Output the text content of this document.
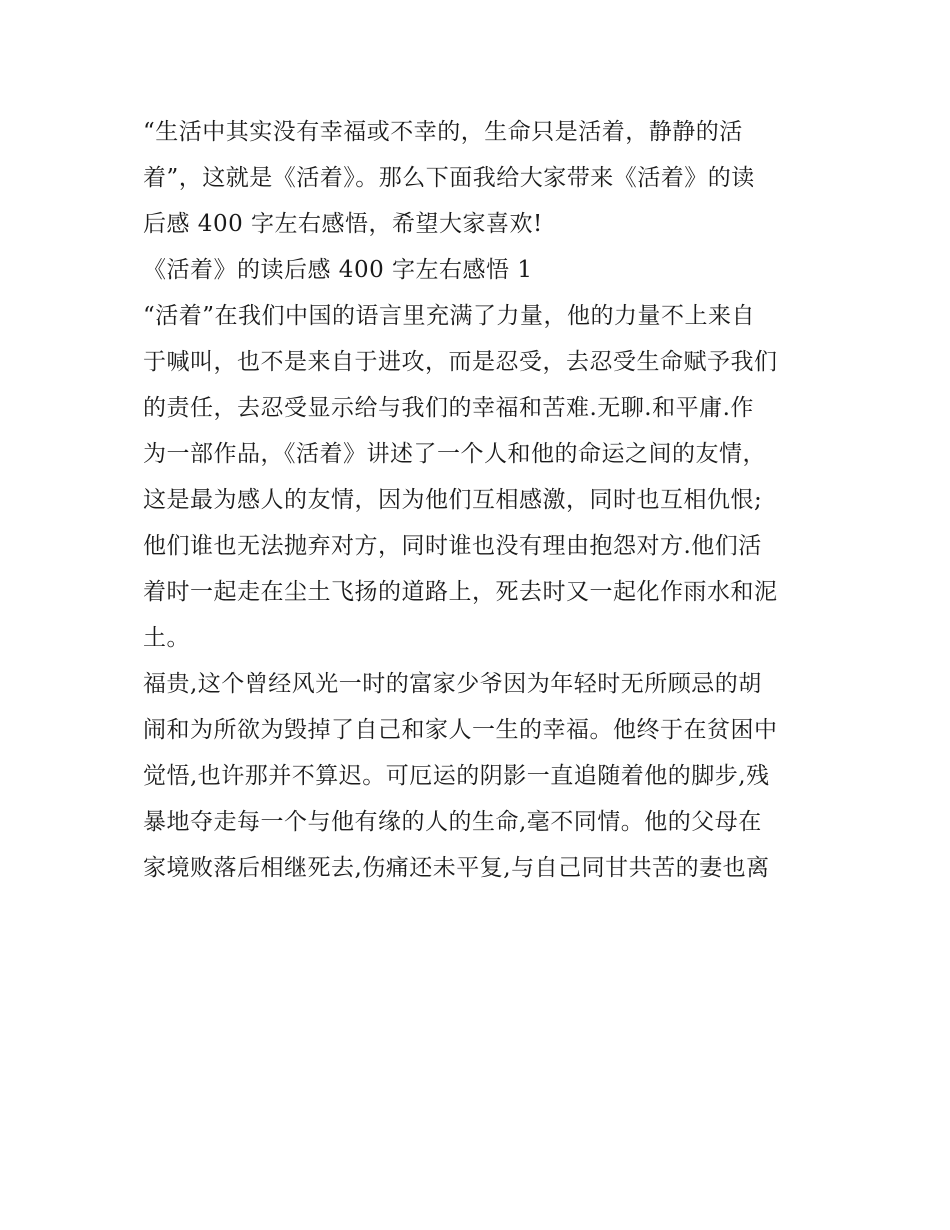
“生活中其实没有幸福或不幸的，生命只是活着，静静的活
着”，这就是《活着》。那么下面我给大家带来《活着》的读
后感 400 字左右感悟，希望大家喜欢!
《活着》的读后感 400 字左右感悟 1
“活着”在我们中国的语言里充满了力量，他的力量不上来自
于喊叫，也不是来自于进攻，而是忍受，去忍受生命赋予我们
的责任，去忍受显示给与我们的幸福和苦难.无聊.和平庸.作
为一部作品，《活着》讲述了一个人和他的命运之间的友情，
这是最为感人的友情，因为他们互相感激，同时也互相仇恨;
他们谁也无法抛弃对方，同时谁也没有理由抱怨对方.他们活
着时一起走在尘土飞扬的道路上，死去时又一起化作雨水和泥
土。
福贵,这个曾经风光一时的富家少爷因为年轻时无所顾忌的胡
闹和为所欲为毁掉了自己和家人一生的幸福。他终于在贫困中
觉悟,也许那并不算迟。可厄运的阴影一直追随着他的脚步,残
暴地夺走每一个与他有缘的人的生命,毫不同情。他的父母在
家境败落后相继死去,伤痛还未平复,与自己同甘共苦的妻也离
